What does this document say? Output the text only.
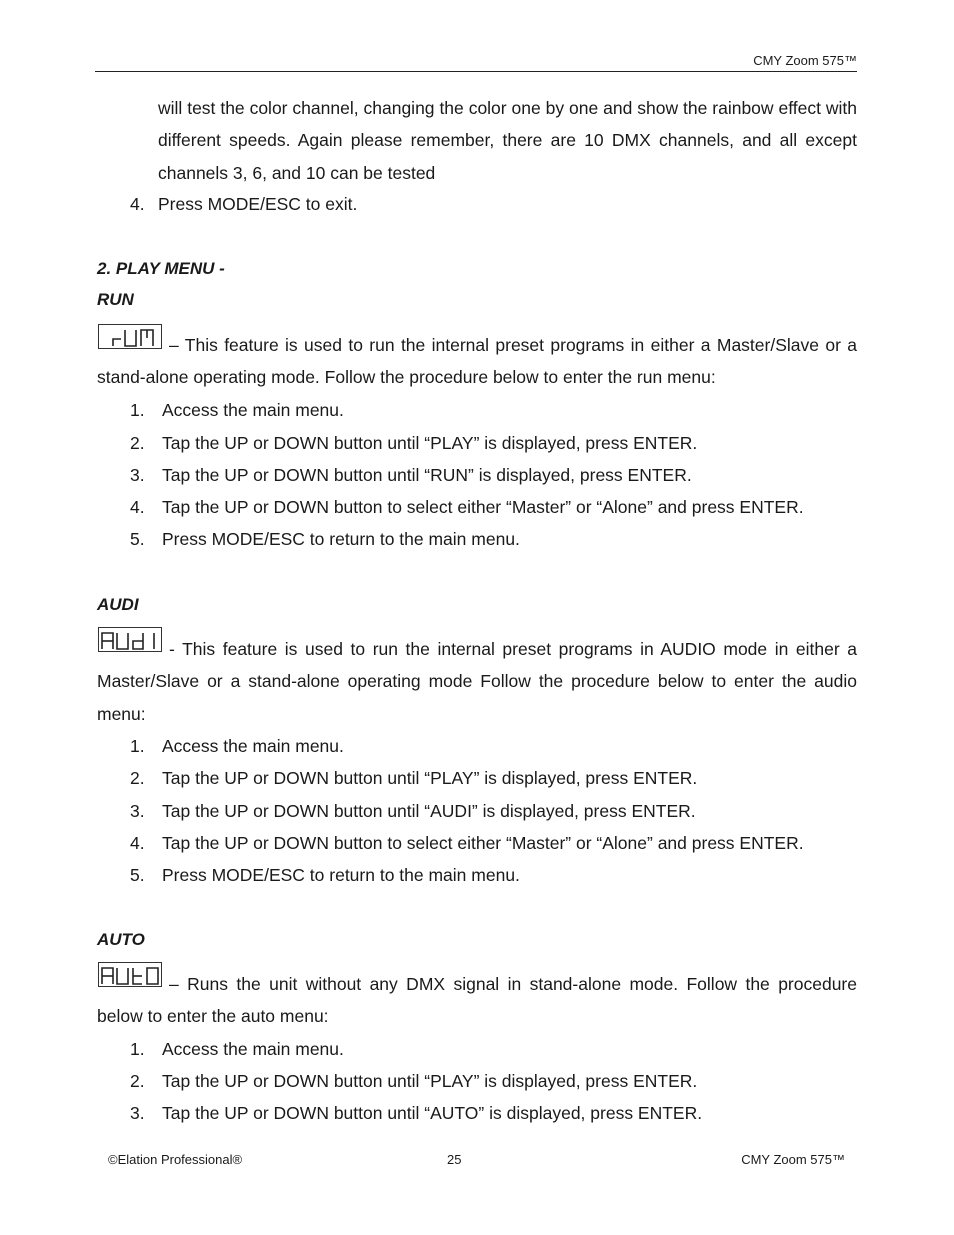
CMY Zoom 575™
will test the color channel, changing the color one by one and show the rainbow effect with different speeds. Again please remember, there are 10 DMX channels, and all except channels 3, 6, and 10 can be tested
4. Press MODE/ESC to exit.
2. PLAY MENU -
RUN
– This feature is used to run the internal preset programs in either a Master/Slave or a stand-alone operating mode. Follow the procedure below to enter the run menu:
1. Access the main menu.
2. Tap the UP or DOWN button until “PLAY” is displayed, press ENTER.
3. Tap the UP or DOWN button until “RUN” is displayed, press ENTER.
4. Tap the UP or DOWN button to select either “Master” or “Alone” and press ENTER.
5. Press MODE/ESC to return to the main menu.
AUDI
- This feature is used to run the internal preset programs in AUDIO mode in either a Master/Slave or a stand-alone operating mode Follow the procedure below to enter the audio menu:
1. Access the main menu.
2. Tap the UP or DOWN button until “PLAY” is displayed, press ENTER.
3. Tap the UP or DOWN button until “AUDI” is displayed, press ENTER.
4. Tap the UP or DOWN button to select either “Master” or “Alone” and press ENTER.
5. Press MODE/ESC to return to the main menu.
AUTO
– Runs the unit without any DMX signal in stand-alone mode. Follow the procedure below to enter the auto menu:
1. Access the main menu.
2. Tap the UP or DOWN button until “PLAY” is displayed, press ENTER.
3. Tap the UP or DOWN button until “AUTO” is displayed, press ENTER.
©Elation Professional®	25	CMY Zoom 575™
